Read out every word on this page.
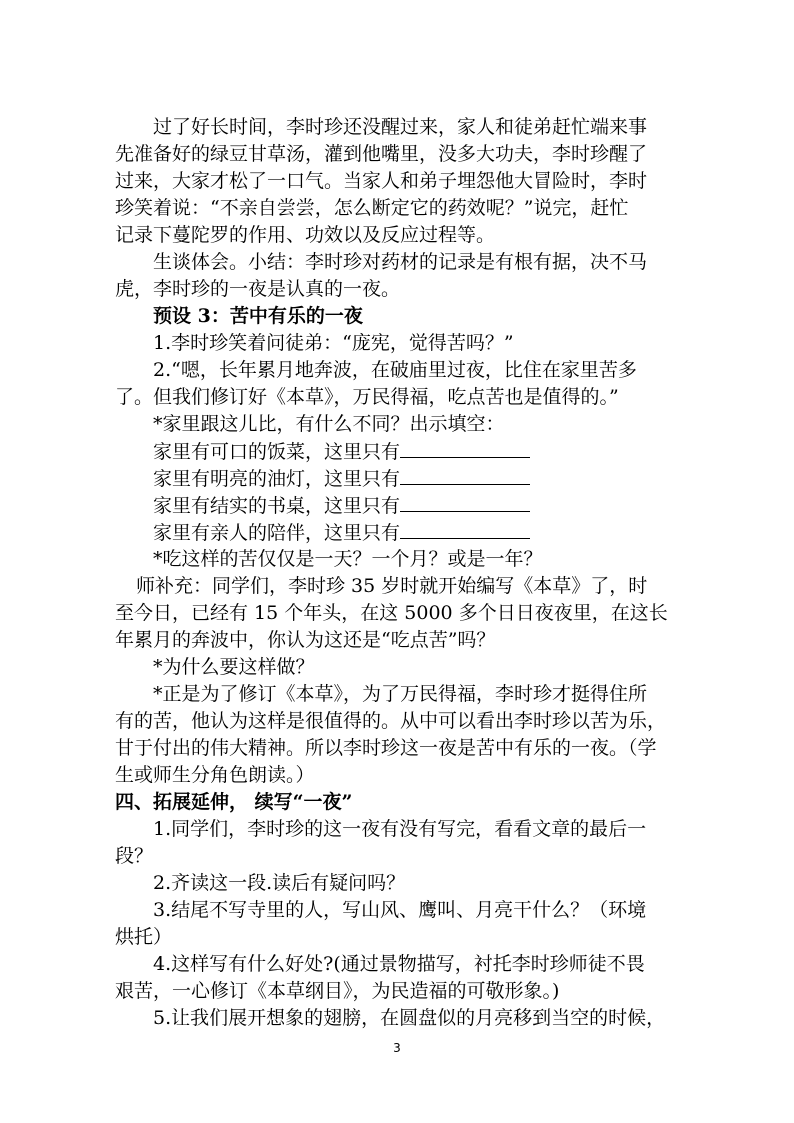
过了好长时间，李时珍还没醒过来，家人和徒弟赶忙端来事

先准备好的绿豆甘草汤，灌到他嘴里，没多大功夫，李时珍醒了

过来，大家才松了一口气。当家人和弟子埋怨他大冒险时，李时

珍笑着说：“不亲自尝尝，怎么断定它的药效呢？”说完，赶忙

记录下蔓陀罗的作用、功效以及反应过程等。

生谈体会。小结：李时珍对药材的记录是有根有据，决不马

虎，李时珍的一夜是认真的一夜。

预设 3：苦中有乐的一夜

1.李时珍笑着问徒弟：“庞宪，觉得苦吗？”

2.“嗯，长年累月地奔波，在破庙里过夜，比住在家里苦多

了。但我们修订好《本草》，万民得福，吃点苦也是值得的。”

*家里跟这儿比，有什么不同？出示填空：

家里有可口的饭菜，这里只有
家里有明亮的油灯，这里只有
家里有结实的书桌，这里只有
家里有亲人的陪伴，这里只有

*吃这样的苦仅仅是一天？一个月？或是一年？

师补充：同学们，李时珍 35 岁时就开始编写《本草》了，时

至今日，已经有 15 个年头，在这 5000 多个日日夜夜里，在这长

年累月的奔波中，你认为这还是“吃点苦”吗？

*为什么要这样做？

*正是为了修订《本草》，为了万民得福，李时珍才挺得住所

有的苦，他认为这样是很值得的。从中可以看出李时珍以苦为乐，

甘于付出的伟大精神。所以李时珍这一夜是苦中有乐的一夜。（学

生或师生分角色朗读。）

四、拓展延伸， 续写“一夜”

1.同学们，李时珍的这一夜有没有写完，看看文章的最后一

段？

2.齐读这一段.读后有疑问吗？

3.结尾不写寺里的人，写山风、鹰叫、月亮干什么？（环境

烘托）

4.这样写有什么好处?(通过景物描写，衬托李时珍师徒不畏

艰苦，一心修订《本草纲目》，为民造福的可敬形象。)

5.让我们展开想象的翅膀，在圆盘似的月亮移到当空的时候，

3
